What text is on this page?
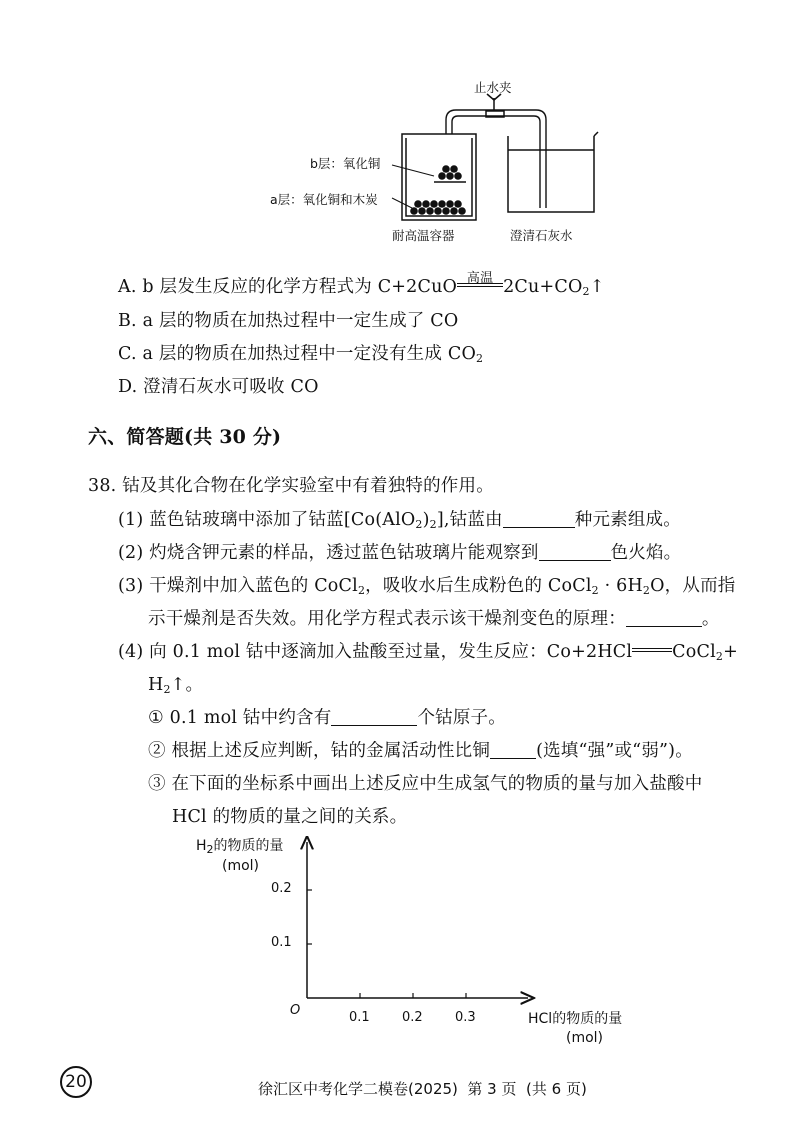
止水夹
b层：氧化铜
a层：氧化铜和木炭
耐高温容器	澄清石灰水
A. b 层发生反应的化学方程式为 C+2CuO 高温 $2Cu+CO_2↑$
B. a 层的物质在加热过程中一定生成了 CO
C. a 层的物质在加热过程中一定没有生成 $CO_2$
D. 澄清石灰水可吸收 CO
六、简答题(共 30 分)
38. 钴及其化合物在化学实验室中有着独特的作用。
(1) 蓝色钴玻璃中添加了钴蓝$[Co(AlO_2)_2]$,钴蓝由	种元素组成。
(2) 灼烧含钾元素的样品，透过蓝色钴玻璃片能观察到	色火焰。
(3) 干燥剂中加入蓝色的 CoCl$_2$，吸收水后生成粉色的 CoCl$_2$ · $6H_2O$，从而指
示干燥剂是否失效。用化学方程式表示该干燥剂变色的原理：	。
(4) 向 0.1 mol 钴中逐滴加入盐酸至过量，发生反应：Co+2HCl CoCl$_2$+
$H_2↑$。
① 0.1 mol 钴中约含有	个钴原子。
② 根据上述反应判断，钴的金属活动性比铜	(选填“强”或“弱”)。
③ 在下面的坐标系中画出上述反应中生成氢气的物质的量与加入盐酸中
HCl 的物质的量之间的关系。
$H_2$的物质的量
(mol)
O
0.1
0.2
0.1 0.2 0.3	HCl的物质的量
(mol)
20	徐汇区中考化学二模卷(2025)  第 3 页  (共 6 页)
